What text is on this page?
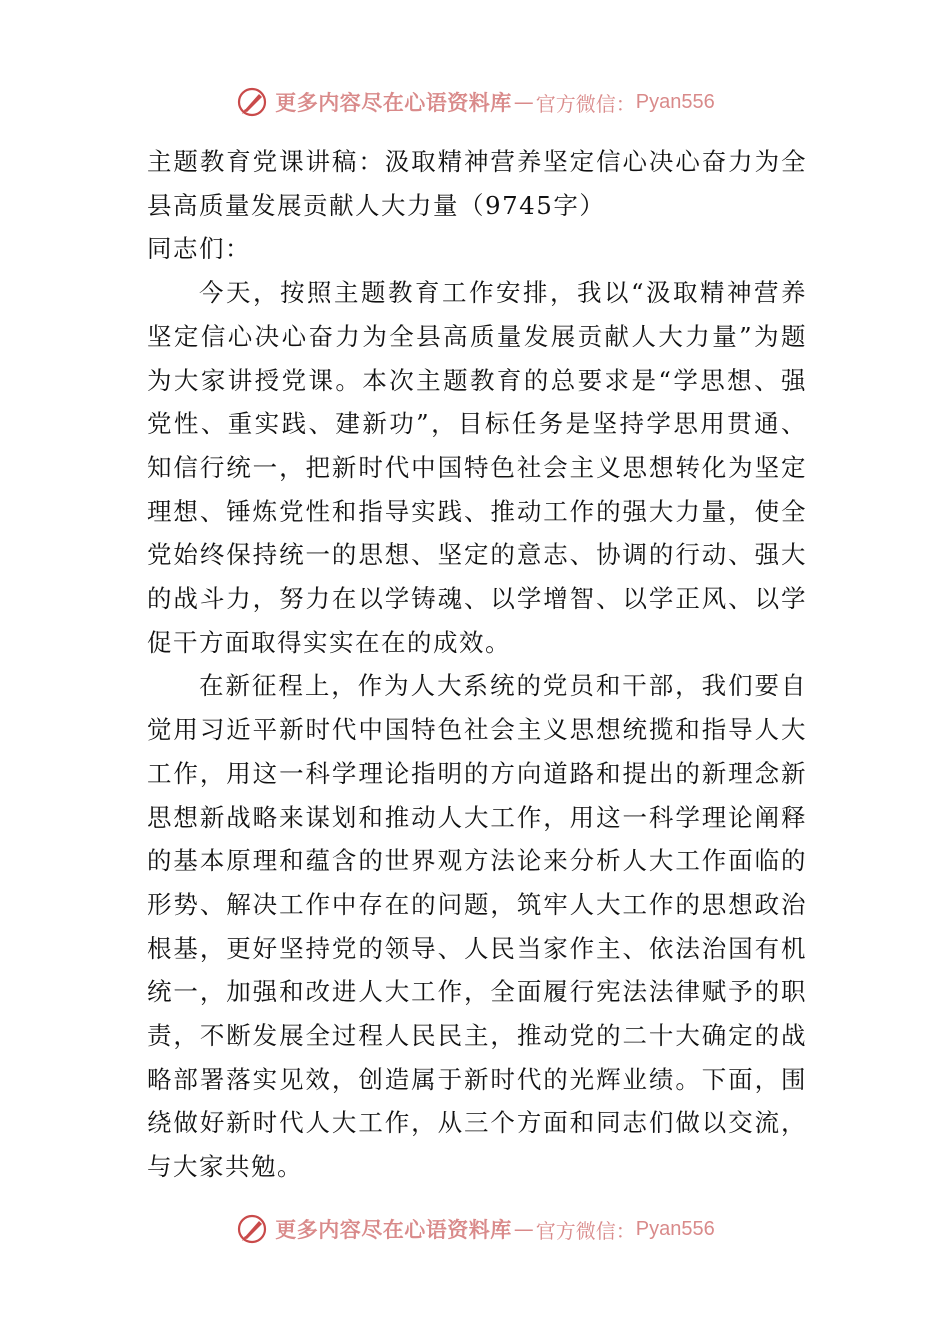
更多内容尽在心语资料库 — 官方微信： Pyan556

主题教育党课讲稿：汲取精神营养坚定信心决心奋力为全县高质量发展贡献人大力量（9745字）

同志们：

今天，按照主题教育工作安排，我以“汲取精神营养坚定信心决心奋力为全县高质量发展贡献人大力量”为题为大家讲授党课。本次主题教育的总要求是“学思想、强党性、重实践、建新功”，目标任务是坚持学思用贯通、知信行统一，把新时代中国特色社会主义思想转化为坚定理想、锤炼党性和指导实践、推动工作的强大力量，使全党始终保持统一的思想、坚定的意志、协调的行动、强大的战斗力，努力在以学铸魂、以学增智、以学正风、以学促干方面取得实实在在的成效。

在新征程上，作为人大系统的党员和干部，我们要自觉用习近平新时代中国特色社会主义思想统揽和指导人大工作，用这一科学理论指明的方向道路和提出的新理念新思想新战略来谋划和推动人大工作，用这一科学理论阐释的基本原理和蕴含的世界观方法论来分析人大工作面临的形势、解决工作中存在的问题，筑牢人大工作的思想政治根基，更好坚持党的领导、人民当家作主、依法治国有机统一，加强和改进人大工作，全面履行宪法法律赋予的职责，不断发展全过程人民民主，推动党的二十大确定的战略部署落实见效，创造属于新时代的光辉业绩。下面，围绕做好新时代人大工作，从三个方面和同志们做以交流，与大家共勉。

更多内容尽在心语资料库 — 官方微信： Pyan556
